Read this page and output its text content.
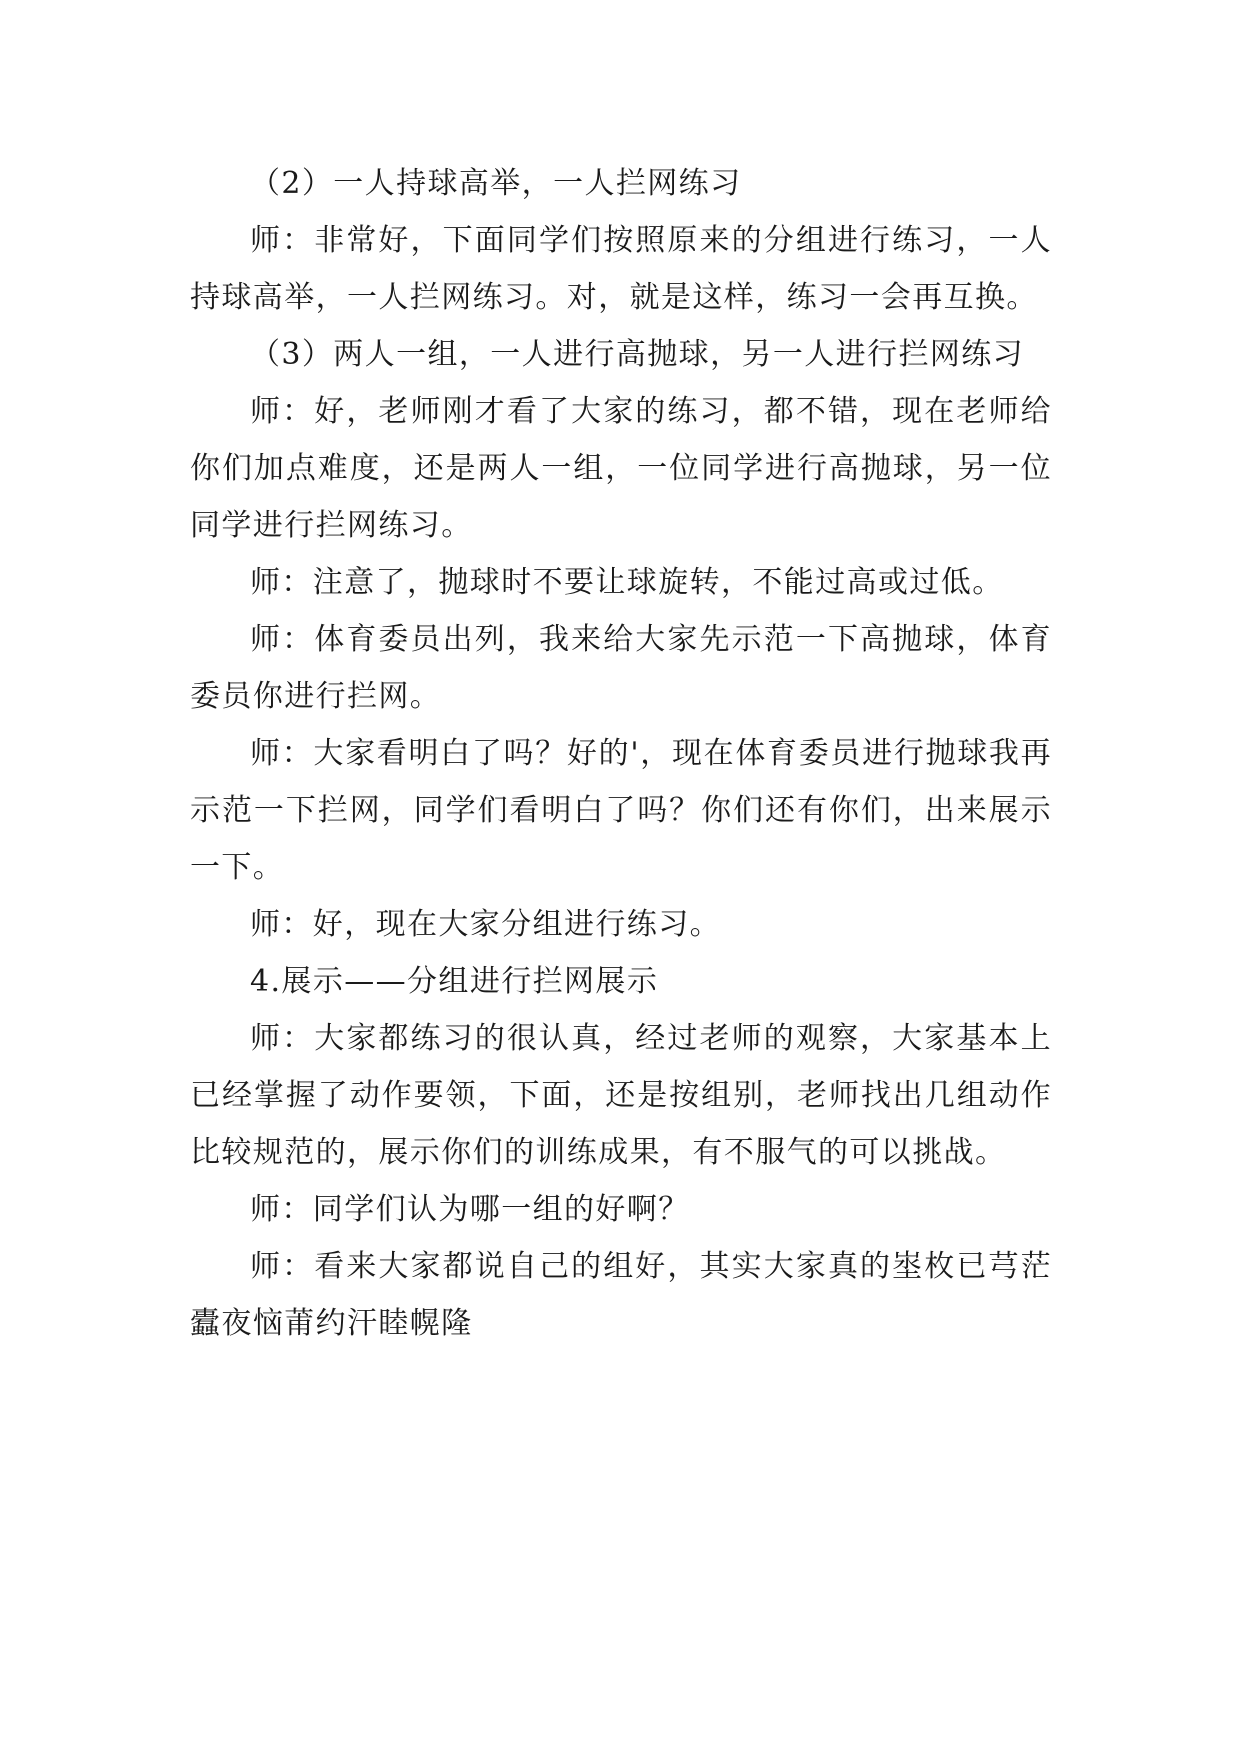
（2）一人持球高举，一人拦网练习

师：非常好，下面同学们按照原来的分组进行练习，一人持球高举，一人拦网练习。对，就是这样，练习一会再互换。

（3）两人一组，一人进行高抛球，另一人进行拦网练习

师：好，老师刚才看了大家的练习，都不错，现在老师给你们加点难度，还是两人一组，一位同学进行高抛球，另一位同学进行拦网练习。

师：注意了，抛球时不要让球旋转，不能过高或过低。

师：体育委员出列，我来给大家先示范一下高抛球，体育委员你进行拦网。

师：大家看明白了吗？好的'，现在体育委员进行抛球我再示范一下拦网，同学们看明白了吗？你们还有你们，出来展示一下。

师：好，现在大家分组进行练习。

4.展示——分组进行拦网展示

师：大家都练习的很认真，经过老师的观察，大家基本上已经掌握了动作要领，下面，还是按组别，老师找出几组动作比较规范的，展示你们的训练成果，有不服气的可以挑战。

师：同学们认为哪一组的好啊？

师：看来大家都说自己的组好，其实大家真的埊枚已芎茫蠹夜恼莆约汗睦幌隆
